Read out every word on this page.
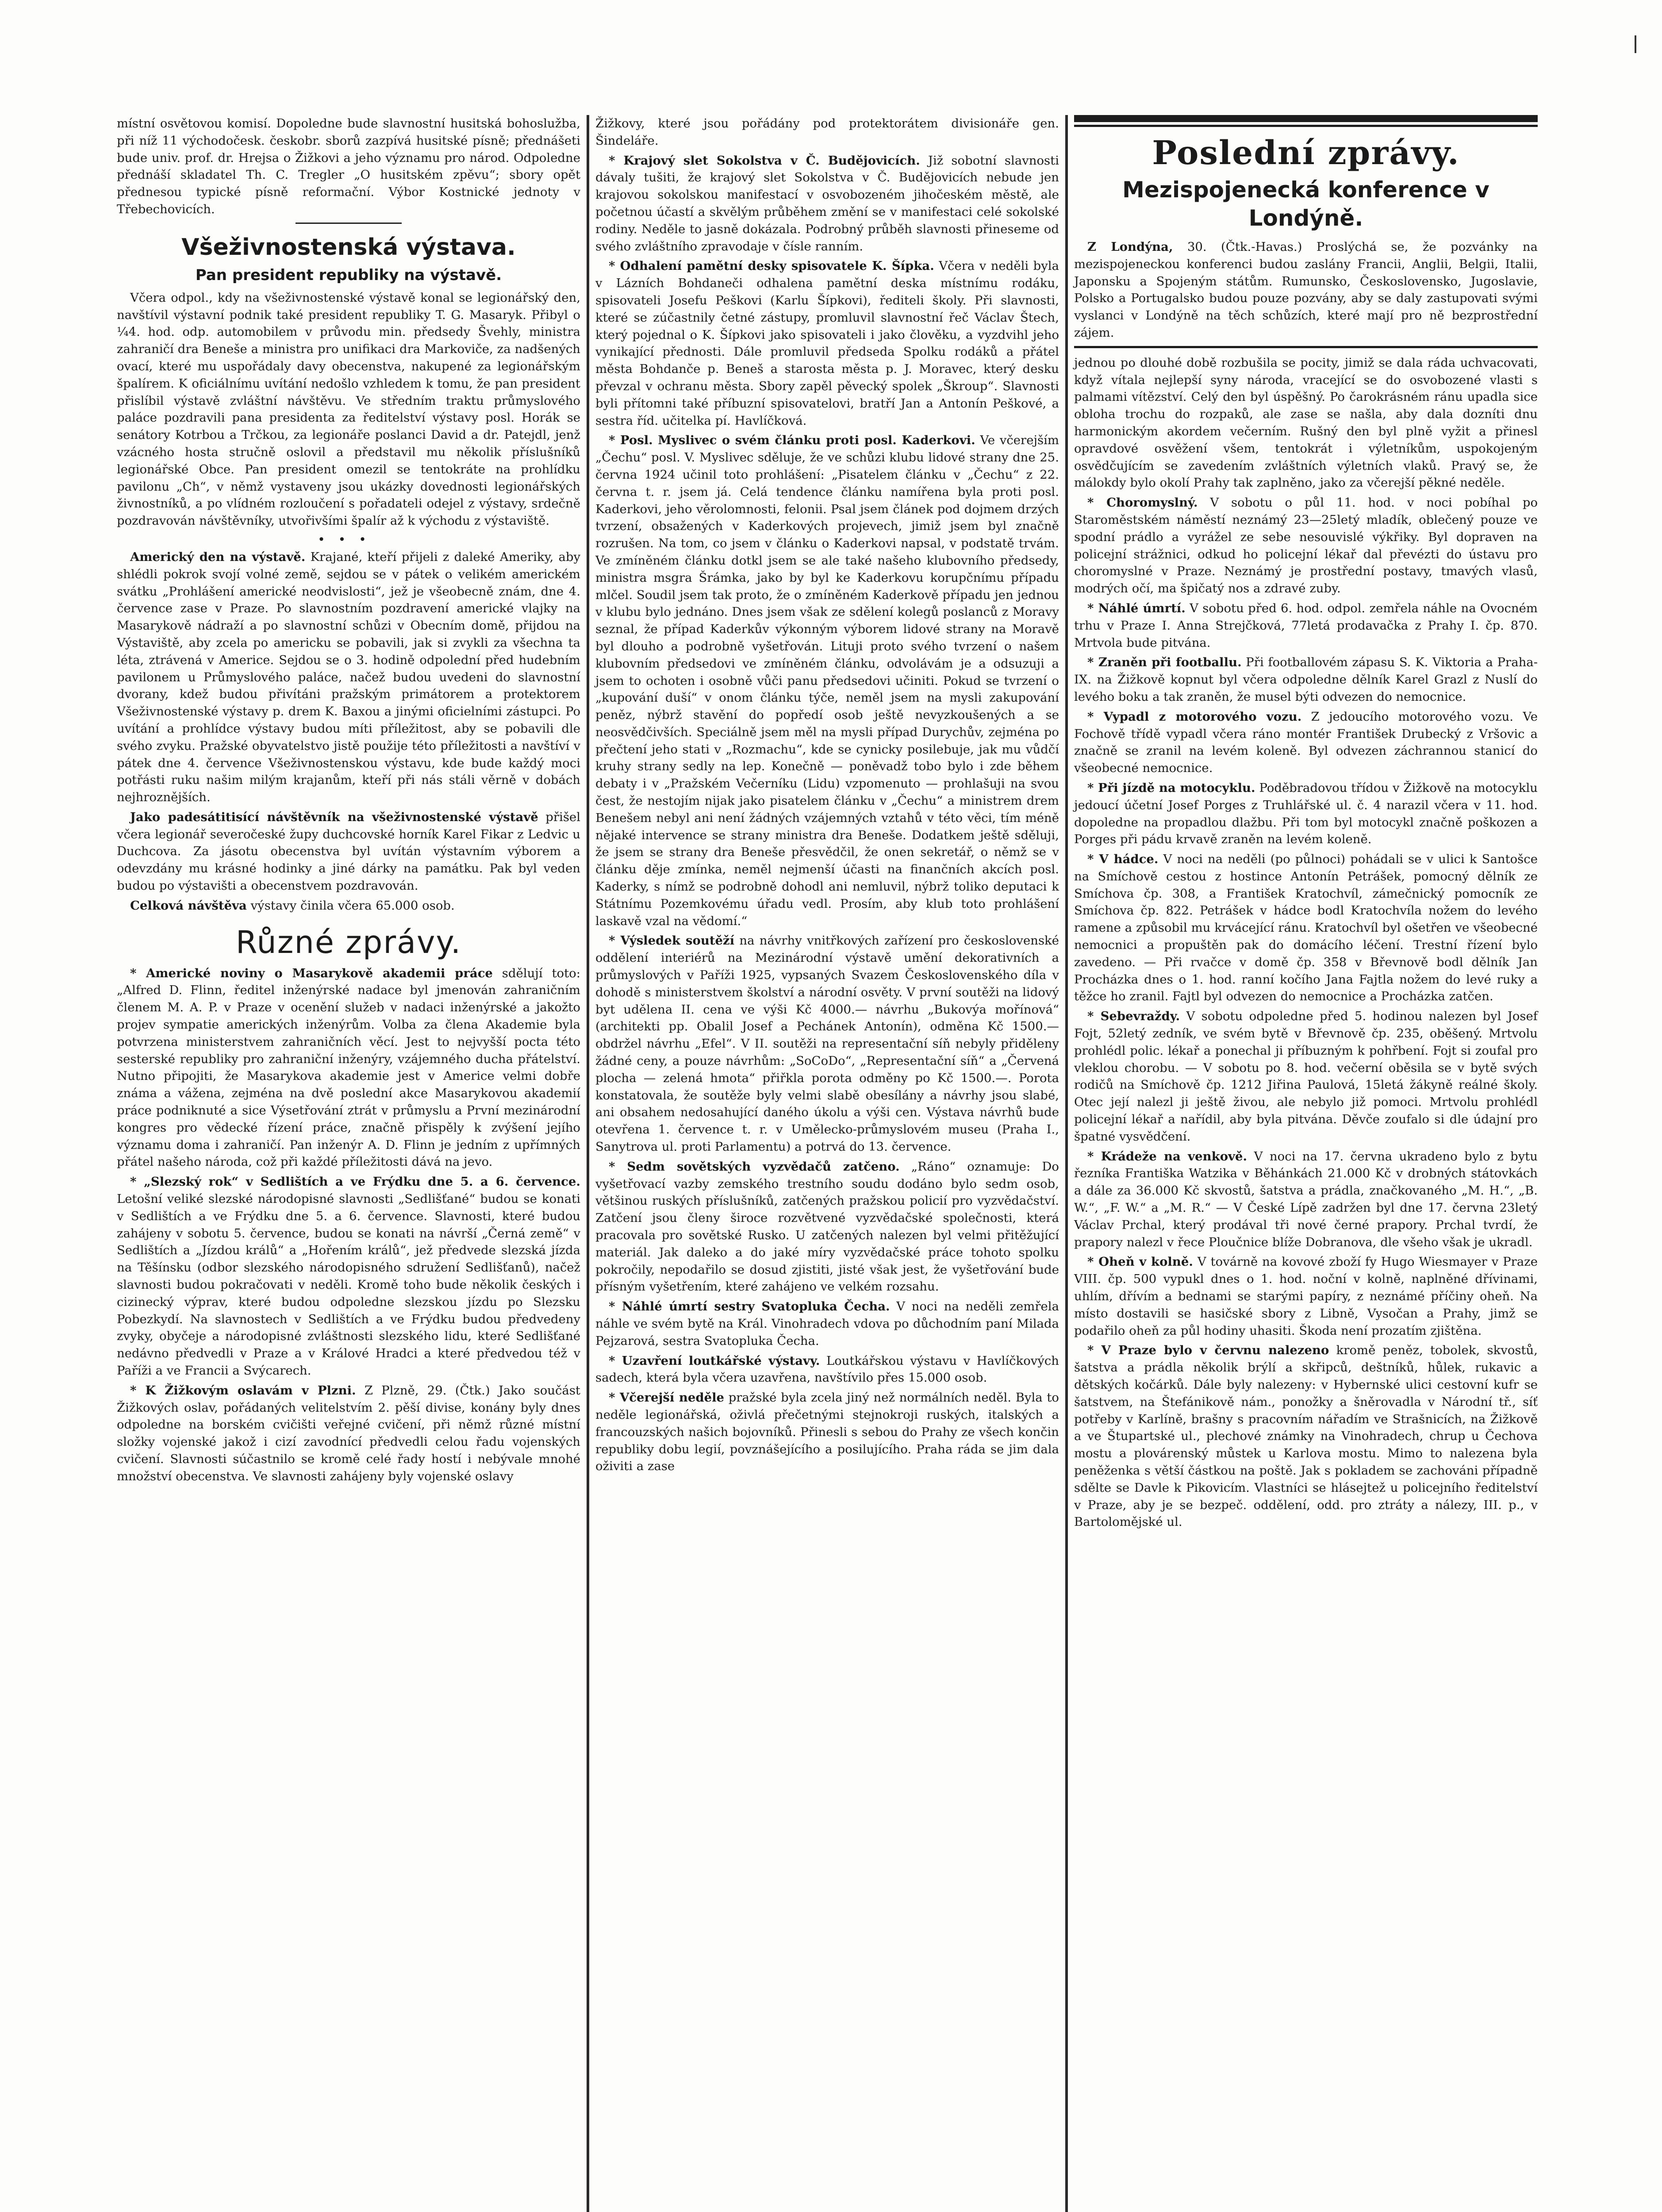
místní osvětovou komisí. Dopoledne bude slavnostní husitská bohoslužba, při níž 11 východočesk. českobr. sborů zazpívá husitské písně; přednášeti bude univ. prof. dr. Hrejsa o Žižkovi a jeho významu pro národ. Odpoledne přednáší skladatel Th. C. Tregler „O husitském zpěvu“; sbory opět přednesou typické písně reformační. Výbor Kostnické jednoty v Třebechovicích.

Všeživnostenská výstava.
Pan president republiky na výstavě.

Včera odpol., kdy na všeživnostenské výstavě konal se legionářský den, navštívil výstavní podnik také president republiky T. G. Masaryk. Přibyl o ¼4. hod. odp. automobilem v průvodu min. předsedy Švehly, ministra zahraničí dra Beneše a ministra pro unifikaci dra Markoviče, za nadšených ovací, které mu uspořádaly davy obecenstva, nakupené za legionářským špalírem. K oficiálnímu uvítání nedošlo vzhledem k tomu, že pan president přislíbil výstavě zvláštní návštěvu. Ve středním traktu průmyslového paláce pozdravili pana presidenta za ředitelství výstavy posl. Horák se senátory Kotrbou a Trčkou, za legionáře poslanci David a dr. Patejdl, jenž vzácného hosta stručně oslovil a představil mu několik příslušníků legionářské Obce. Pan president omezil se tentokráte na prohlídku pavilonu „Ch“, v němž vystaveny jsou ukázky dovednosti legionářských živnostníků, a po vlídném rozloučení s pořadateli odejel z výstavy, srdečně pozdravován návštěvníky, utvořivšími špalír až k východu z výstaviště.

•••

Americký den na výstavě. Krajané, kteří přijeli z daleké Ameriky, aby shlédli pokrok svojí volné země, sejdou se v pátek o velikém americkém svátku „Prohlášení americké neodvislosti“, jež je všeobecně znám, dne 4. července zase v Praze. Po slavnostním pozdravení americké vlajky na Masarykově nádraží a po slavnostní schůzi v Obecním domě, přijdou na Výstaviště, aby zcela po americku se pobavili, jak si zvykli za všechna ta léta, ztrávená v Americe. Sejdou se o 3. hodině odpolední před hudebním pavilonem u Průmyslového paláce, načež budou uvedeni do slavnostní dvorany, kdež budou přivítáni pražským primátorem a protektorem Všeživnostenské výstavy p. drem K. Baxou a jinými oficielními zástupci. Po uvítání a prohlídce výstavy budou míti příležitost, aby se pobavili dle svého zvyku. Pražské obyvatelstvo jistě použije této příležitosti a navštíví v pátek dne 4. července Všeživnostenskou výstavu, kde bude každý moci potřásti ruku našim milým krajanům, kteří při nás stáli věrně v dobách nejhroznějších.

Jako padesátitisící návštěvník na všeživnostenské výstavě přišel včera legionář severočeské župy duchcovské horník Karel Fikar z Ledvic u Duchcova. Za jásotu obecenstva byl uvítán výstavním výborem a odevzdány mu krásné hodinky a jiné dárky na památku. Pak byl veden budou po výstavišti a obecenstvem pozdravován.

Celková návštěva výstavy činila včera 65.000 osob.

Různé zprávy.

* Americké noviny o Masarykově akademii práce sdělují toto: „Alfred D. Flinn, ředitel inženýrské nadace byl jmenován zahraničním členem M. A. P. v Praze v ocenění služeb v nadaci inženýrské a jakožto projev sympatie amerických inženýrům. Volba za člena Akademie byla potvrzena ministerstvem zahraničních věcí. Jest to nejvyšší pocta této sesterské republiky pro zahraniční inženýry, vzájemného ducha přátelství. Nutno připojiti, že Masarykova akademie jest v Americe velmi dobře známa a vážena, zejména na dvě poslední akce Masarykovou akademií práce podniknuté a sice Výsetřování ztrát v průmyslu a První mezinárodní kongres pro vědecké řízení práce, značně přispěly k zvýšení jejího významu doma i zahraničí. Pan inženýr A. D. Flinn je jedním z upřímných přátel našeho národa, což při každé příležitosti dává na jevo.

* „Slezský rok“ v Sedlištích a ve Frýdku dne 5. a 6. července. Letošní veliké slezské národopisné slavnosti „Sedlišťané“ budou se konati v Sedlištích a ve Frýdku dne 5. a 6. července. Slavnosti, které budou zahájeny v sobotu 5. července, budou se konati na návrší „Černá země“ v Sedlištích a „Jízdou králů“ a „Hořením králů“, jež předvede slezská jízda na Těšínsku (odbor slezského národopisného sdružení Sedlišťanů), načež slavnosti budou pokračovati v neděli. Kromě toho bude několik českých i cizinecký výprav, které budou odpoledne slezskou jízdu po Slezsku Pobezkydí. Na slavnostech v Sedlištích a ve Frýdku budou předvedeny zvyky, obyčeje a národopisné zvláštnosti slezského lidu, které Sedlišťané nedávno předvedli v Praze a v Králové Hradci a které předvedou též v Paříži a ve Francii a Svýcarech.

* K Žižkovým oslavám v Plzni. Z Plzně, 29. (Čtk.) Jako součást Žižkových oslav, pořádaných velitelstvím 2. pěší divise, konány byly dnes odpoledne na borském cvičišti veřejné cvičení, při němž různé místní složky vojenské jakož i cizí zavodnící předvedli celou řadu vojenských cvičení. Slavnosti súčastnilo se kromě celé řady hostí i nebývale mnohé množství obecenstva. Ve slavnosti zahájeny byly vojenské oslavy

Žižkovy, které jsou pořádány pod protektorátem divisionáře gen. Šindeláře.

* Krajový slet Sokolstva v Č. Budějovicích. Již sobotní slavnosti dávaly tušiti, že krajový slet Sokolstva v Č. Budějovicích nebude jen krajovou sokolskou manifestací v osvobozeném jihočeském městě, ale početnou účastí a skvělým průběhem změní se v manifestaci celé sokolské rodiny. Neděle to jasně dokázala. Podrobný průběh slavnosti přineseme od svého zvláštního zpravodaje v čísle ranním.

* Odhalení pamětní desky spisovatele K. Šípka. Včera v neděli byla v Lázních Bohdaneči odhalena pamětní deska místnímu rodáku, spisovateli Josefu Peškovi (Karlu Šípkovi), řediteli školy. Při slavnosti, které se zúčastnily četné zástupy, promluvil slavnostní řeč Václav Štech, který pojednal o K. Šípkovi jako spisovateli i jako člověku, a vyzdvihl jeho vynikající přednosti. Dále promluvil předseda Spolku rodáků a přátel města Bohdanče p. Beneš a starosta města p. J. Moravec, který desku převzal v ochranu města. Sbory zapěl pěvecký spolek „Škroup“. Slavnosti byli přítomni také příbuzní spisovatelovi, bratří Jan a Antonín Peškové, a sestra říd. učitelka pí. Havlíčková.

* Posl. Myslivec o svém článku proti posl. Kaderkovi. Ve včerejším „Čechu“ posl. V. Myslivec sděluje, že ve schůzi klubu lidové strany dne 25. června 1924 učinil toto prohlášení: „Pisatelem článku v „Čechu“ z 22. června t. r. jsem já. Celá tendence článku namířena byla proti posl. Kaderkovi, jeho věrolomnosti, felonii. Psal jsem článek pod dojmem drzých tvrzení, obsažených v Kaderkových projevech, jimiž jsem byl značně rozrušen. Na tom, co jsem v článku o Kaderkovi napsal, v podstatě trvám. Ve zmíněném článku dotkl jsem se ale také našeho klubovního předsedy, ministra msgra Šrámka, jako by byl ke Kaderkovu korupčnímu případu mlčel. Soudil jsem tak proto, že o zmíněném Kaderkově případu jen jednou v klubu bylo jednáno. Dnes jsem však ze sdělení kolegů poslanců z Moravy seznal, že případ Kaderkův výkonným výborem lidové strany na Moravě byl dlouho a podrobně vyšetřován. Lituji proto svého tvrzení o našem klubovním předsedovi ve zmíněném článku, odvolávám je a odsuzuji a jsem to ochoten i osobně vůči panu předsedovi učiniti. Pokud se tvrzení o „kupování duší“ v onom článku týče, neměl jsem na mysli zakupování peněz, nýbrž stavění do popředí osob ještě nevyzkoušených a se neosvědčivších. Speciálně jsem měl na mysli případ Durychův, zejména po přečtení jeho stati v „Rozmachu“, kde se cynicky posilebuje, jak mu vůdčí kruhy strany sedly na lep. Konečně — poněvadž tobo bylo i zde během debaty i v „Pražském Večerníku (Lidu) vzpomenuto — prohlašuji na svou čest, že nestojím nijak jako pisatelem článku v „Čechu“ a ministrem drem Benešem nebyl ani není žádných vzájemných vztahů v této věci, tím méně nějaké intervence se strany ministra dra Beneše. Dodatkem ještě sděluji, že jsem se strany dra Beneše přesvědčil, že onen sekretář, o němž se v článku děje zmínka, neměl nejmenší účasti na finančních akcích posl. Kaderky, s nímž se podrobně dohodl ani nemluvil, nýbrž toliko deputaci k Státnímu Pozemkovému úřadu vedl. Prosím, aby klub toto prohlášení laskavě vzal na vědomí.“

* Výsledek soutěží na návrhy vnitřkových zařízení pro československé oddělení interiérů na Mezinárodní výstavě umění dekorativních a průmyslových v Paříži 1925, vypsaných Svazem Československého díla v dohodě s ministerstvem školství a národní osvěty. V první soutěži na lidový byt udělena II. cena ve výši Kč 4000.— návrhu „Bukovýa mořínová“ (architekti pp. Obalil Josef a Pechánek Antonín), odměna Kč 1500.— obdržel návrhu „Efel“. V II. soutěži na representační síň nebyly přiděleny žádné ceny, a pouze návrhům: „SoCoDo“, „Representační síň“ a „Červená plocha — zelená hmota“ přiřkla porota odměny po Kč 1500.—. Porota konstatovala, že soutěže byly velmi slabě obesílány a návrhy jsou slabé, ani obsahem nedosahující daného úkolu a výši cen. Výstava návrhů bude otevřena 1. července t. r. v Umělecko-průmyslovém museu (Praha I., Sanytrova ul. proti Parlamentu) a potrvá do 13. července.

* Sedm sovětských vyzvědačů zatčeno. „Ráno“ oznamuje: Do vyšetřovací vazby zemského trestního soudu dodáno bylo sedm osob, většinou ruských příslušníků, zatčených pražskou policií pro vyzvědačství. Zatčení jsou členy široce rozvětvené vyzvědačské společnosti, která pracovala pro sovětské Rusko. U zatčených nalezen byl velmi přitěžující materiál. Jak daleko a do jaké míry vyzvědačské práce tohoto spolku pokročily, nepodařilo se dosud zjistiti, jisté však jest, že vyšetřování bude přísným vyšetřením, které zahájeno ve velkém rozsahu.

* Náhlé úmrtí sestry Svatopluka Čecha. V noci na neděli zemřela náhle ve svém bytě na Král. Vinohradech vdova po důchodním paní Milada Pejzarová, sestra Svatopluka Čecha.

* Uzavření loutkářské výstavy. Loutkářskou výstavu v Havlíčkových sadech, která byla včera uzavřena, navštívilo přes 15.000 osob.

* Včerejší neděle pražské byla zcela jiný než normálních neděl. Byla to neděle legionářská, oživlá přečetnými stejnokroji ruských, italských a francouzských našich bojovníků. Přinesli s sebou do Prahy ze všech končin republiky dobu legií, povznášejícího a posilujícího. Praha ráda se jim dala oživiti a zase

Poslední zprávy.
Mezispojenecká konference v Londýně.

Z Londýna, 30. (Čtk.-Havas.) Proslýchá se, že pozvánky na mezispojeneckou konferenci budou zaslány Francii, Anglii, Belgii, Italii, Japonsku a Spojeným státům. Rumunsko, Československo, Jugoslavie, Polsko a Portugalsko budou pouze pozvány, aby se daly zastupovati svými vyslanci v Londýně na těch schůzích, které mají pro ně bezprostřední zájem.

jednou po dlouhé době rozbušila se pocity, jimiž se dala ráda uchvacovati, když vítala nejlepší syny národa, vracející se do osvobozené vlasti s palmami vítězství. Celý den byl úspěšný. Po čarokrásném ránu upadla sice obloha trochu do rozpaků, ale zase se našla, aby dala dozníti dnu harmonickým akordem večerním. Rušný den byl plně vyžit a přinesl opravdové osvěžení všem, tentokrát i výletníkům, uspokojeným osvědčujícím se zavedením zvláštních výletních vlaků. Pravý se, že málokdy bylo okolí Prahy tak zaplněno, jako za včerejší pěkné neděle.

* Choromyslný. V sobotu o půl 11. hod. v noci pobíhal po Staroměstském náměstí neznámý 23—25letý mladík, oblečený pouze ve spodní prádlo a vyrážel ze sebe nesouvislé výkřiky. Byl dopraven na policejní strážnici, odkud ho policejní lékař dal převézti do ústavu pro choromyslné v Praze. Neznámý je prostřední postavy, tmavých vlasů, modrých očí, ma špičatý nos a zdravé zuby.

* Náhlé úmrtí. V sobotu před 6. hod. odpol. zemřela náhle na Ovocném trhu v Praze I. Anna Strejčková, 77letá prodavačka z Prahy I. čp. 870. Mrtvola bude pitvána.

* Zraněn při footballu. Při footballovém zápasu S. K. Viktoria a Praha-IX. na Žižkově kopnut byl včera odpoledne dělník Karel Grazl z Nuslí do levého boku a tak zraněn, že musel býti odvezen do nemocnice.

* Vypadl z motorového vozu. Z jedoucího motorového vozu. Ve Fochově třídě vypadl včera ráno montér František Drubecký z Vršovic a značně se zranil na levém koleně. Byl odvezen záchrannou stanicí do všeobecné nemocnice.

* Při jízdě na motocyklu. Poděbradovou třídou v Žižkově na motocyklu jedoucí účetní Josef Porges z Truhlářské ul. č. 4 narazil včera v 11. hod. dopoledne na propadlou dlažbu. Při tom byl motocykl značně poškozen a Porges při pádu krvavě zraněn na levém koleně.

* V hádce. V noci na neděli (po půlnoci) pohádali se v ulici k Santošce na Smíchově cestou z hostince Antonín Petrášek, pomocný dělník ze Smíchova čp. 308, a František Kratochvíl, zámečnický pomocník ze Smíchova čp. 822. Petrášek v hádce bodl Kratochvíla nožem do levého ramene a způsobil mu krvácející ránu. Kratochvíl byl ošetřen ve všeobecné nemocnici a propuštěn pak do domácího léčení. Trestní řízení bylo zavedeno. — Při rvačce v domě čp. 358 v Břevnově bodl dělník Jan Procházka dnes o 1. hod. ranní kočího Jana Fajtla nožem do levé ruky a těžce ho zranil. Fajtl byl odvezen do nemocnice a Procházka zatčen.

* Sebevraždy. V sobotu odpoledne před 5. hodinou nalezen byl Josef Fojt, 52letý zedník, ve svém bytě v Břevnově čp. 235, oběšený. Mrtvolu prohlédl polic. lékař a ponechal ji příbuzným k pohřbení. Fojt si zoufal pro vleklou chorobu. — V sobotu po 8. hod. večerní oběsila se v bytě svých rodičů na Smíchově čp. 1212 Jiřina Paulová, 15letá žákyně reálné školy. Otec její nalezl ji ještě živou, ale nebylo již pomoci. Mrtvolu prohlédl policejní lékař a nařídil, aby byla pitvána. Děvče zoufalo si dle údajní pro špatné vysvědčení.

* Krádeže na venkově. V noci na 17. června ukradeno bylo z bytu řezníka Františka Watzika v Běhánkách 21.000 Kč v drobných státovkách a dále za 36.000 Kč skvostů, šatstva a prádla, značkovaného „M. H.“, „B. W.“, „F. W.“ a „M. R.“ — V České Lípě zadržen byl dne 17. června 23letý Václav Prchal, který prodával tři nové černé prapory. Prchal tvrdí, že prapory nalezl v řece Ploučnice blíže Dobranova, dle všeho však je ukradl.

* Oheň v kolně. V továrně na kovové zboží fy Hugo Wiesmayer v Praze VIII. čp. 500 vypukl dnes o 1. hod. noční v kolně, naplněné dřívinami, uhlím, dřívím a bednami se starými papíry, z neznámé příčiny oheň. Na místo dostavili se hasičské sbory z Libně, Vysočan a Prahy, jimž se podařilo oheň za půl hodiny uhasiti. Škoda není prozatím zjištěna.

* V Praze bylo v červnu nalezeno kromě peněz, tobolek, skvostů, šatstva a prádla několik brýlí a skřipců, deštníků, hůlek, rukavic a dětských kočárků. Dále byly nalezeny: v Hybernské ulici cestovní kufr se šatstvem, na Štefánikově nám., ponožky a šněrovadla v Národní tř., síť potřeby v Karlíně, brašny s pracovním nářadím ve Strašnicích, na Žižkově a ve Štupartské ul., plechové známky na Vinohradech, chrup u Čechova mostu a plovárenský můstek u Karlova mostu. Mimo to nalezena byla peněženka s větší částkou na poště. Jak s pokladem se zachováni případně sdělte se Davle k Pikovicím. Vlastníci se hlásejtež u policejního ředitelství v Praze, aby je se bezpeč. oddělení, odd. pro ztráty a nálezy, III. p., v Bartolomějské ul.
